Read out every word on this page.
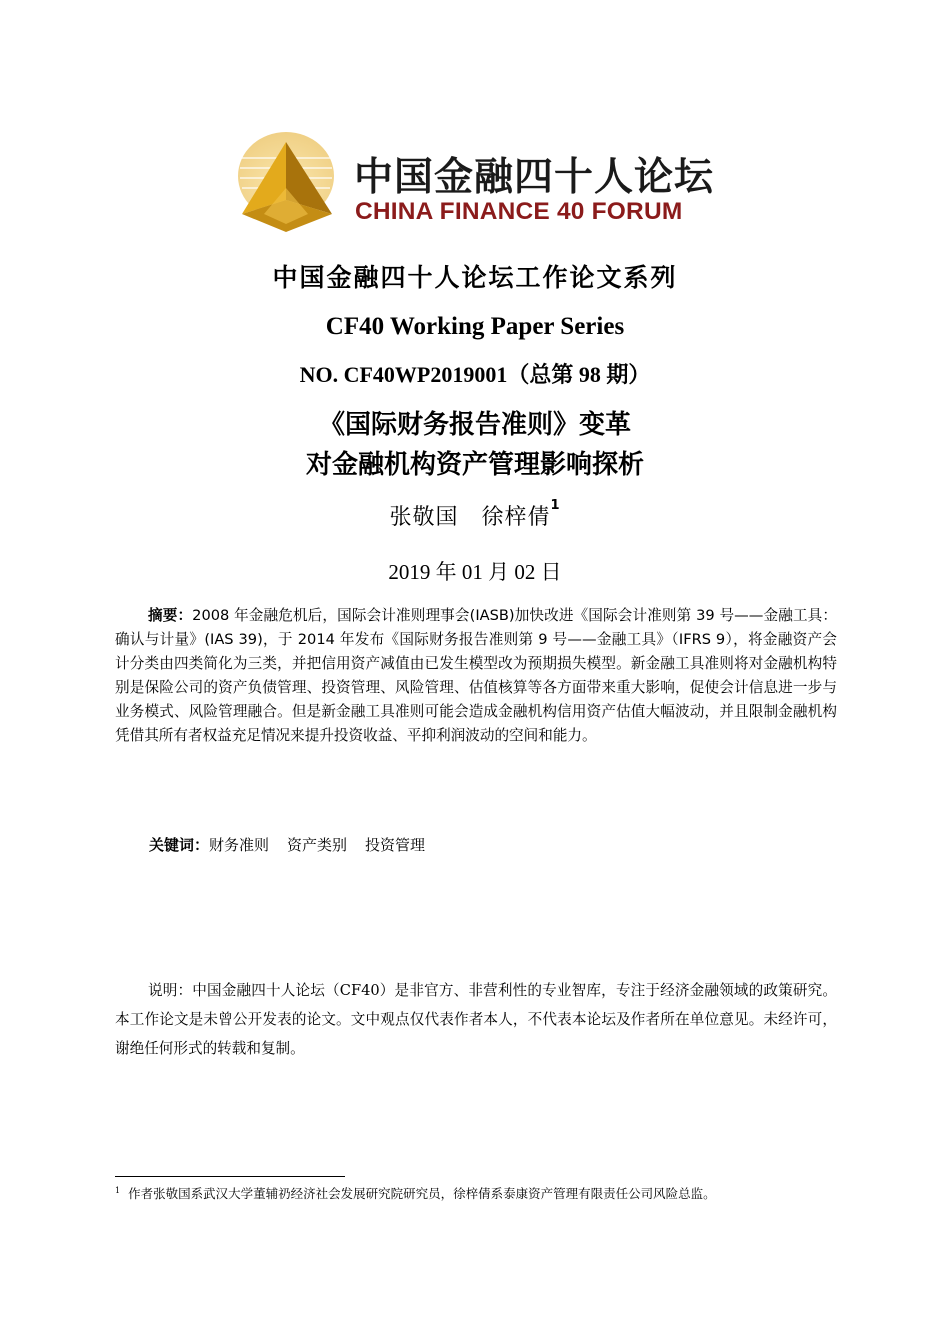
中国金融四十人论坛
CHINA FINANCE 40 FORUM
中国金融四十人论坛工作论文系列
CF40 Working Paper Series
NO. CF40WP2019001（总第 98 期）
《国际财务报告准则》变革
对金融机构资产管理影响探析
张敬国　徐梓倩$^1$
2019 年 01 月 02 日
摘要：2008 年金融危机后，国际会计准则理事会(IASB)加快改进《国际会计准则第 39 号——金融工具：确认与计量》(IAS 39)，于 2014 年发布《国际财务报告准则第 9 号——金融工具》（IFRS 9），将金融资产会计分类由四类简化为三类，并把信用资产减值由已发生模型改为预期损失模型。新金融工具准则将对金融机构特别是保险公司的资产负债管理、投资管理、风险管理、估值核算等各方面带来重大影响，促使会计信息进一步与业务模式、风险管理融合。但是新金融工具准则可能会造成金融机构信用资产估值大幅波动，并且限制金融机构凭借其所有者权益充足情况来提升投资收益、平抑利润波动的空间和能力。
关键词：财务准则 资产类别 投资管理
说明：中国金融四十人论坛（CF40）是非官方、非营利性的专业智库，专注于经济金融领域的政策研究。本工作论文是未曾公开发表的论文。文中观点仅代表作者本人，不代表本论坛及作者所在单位意见。未经许可，谢绝任何形式的转载和复制。
$^1$ 作者张敬国系武汉大学董辅礽经济社会发展研究院研究员，徐梓倩系泰康资产管理有限责任公司风险总监。
